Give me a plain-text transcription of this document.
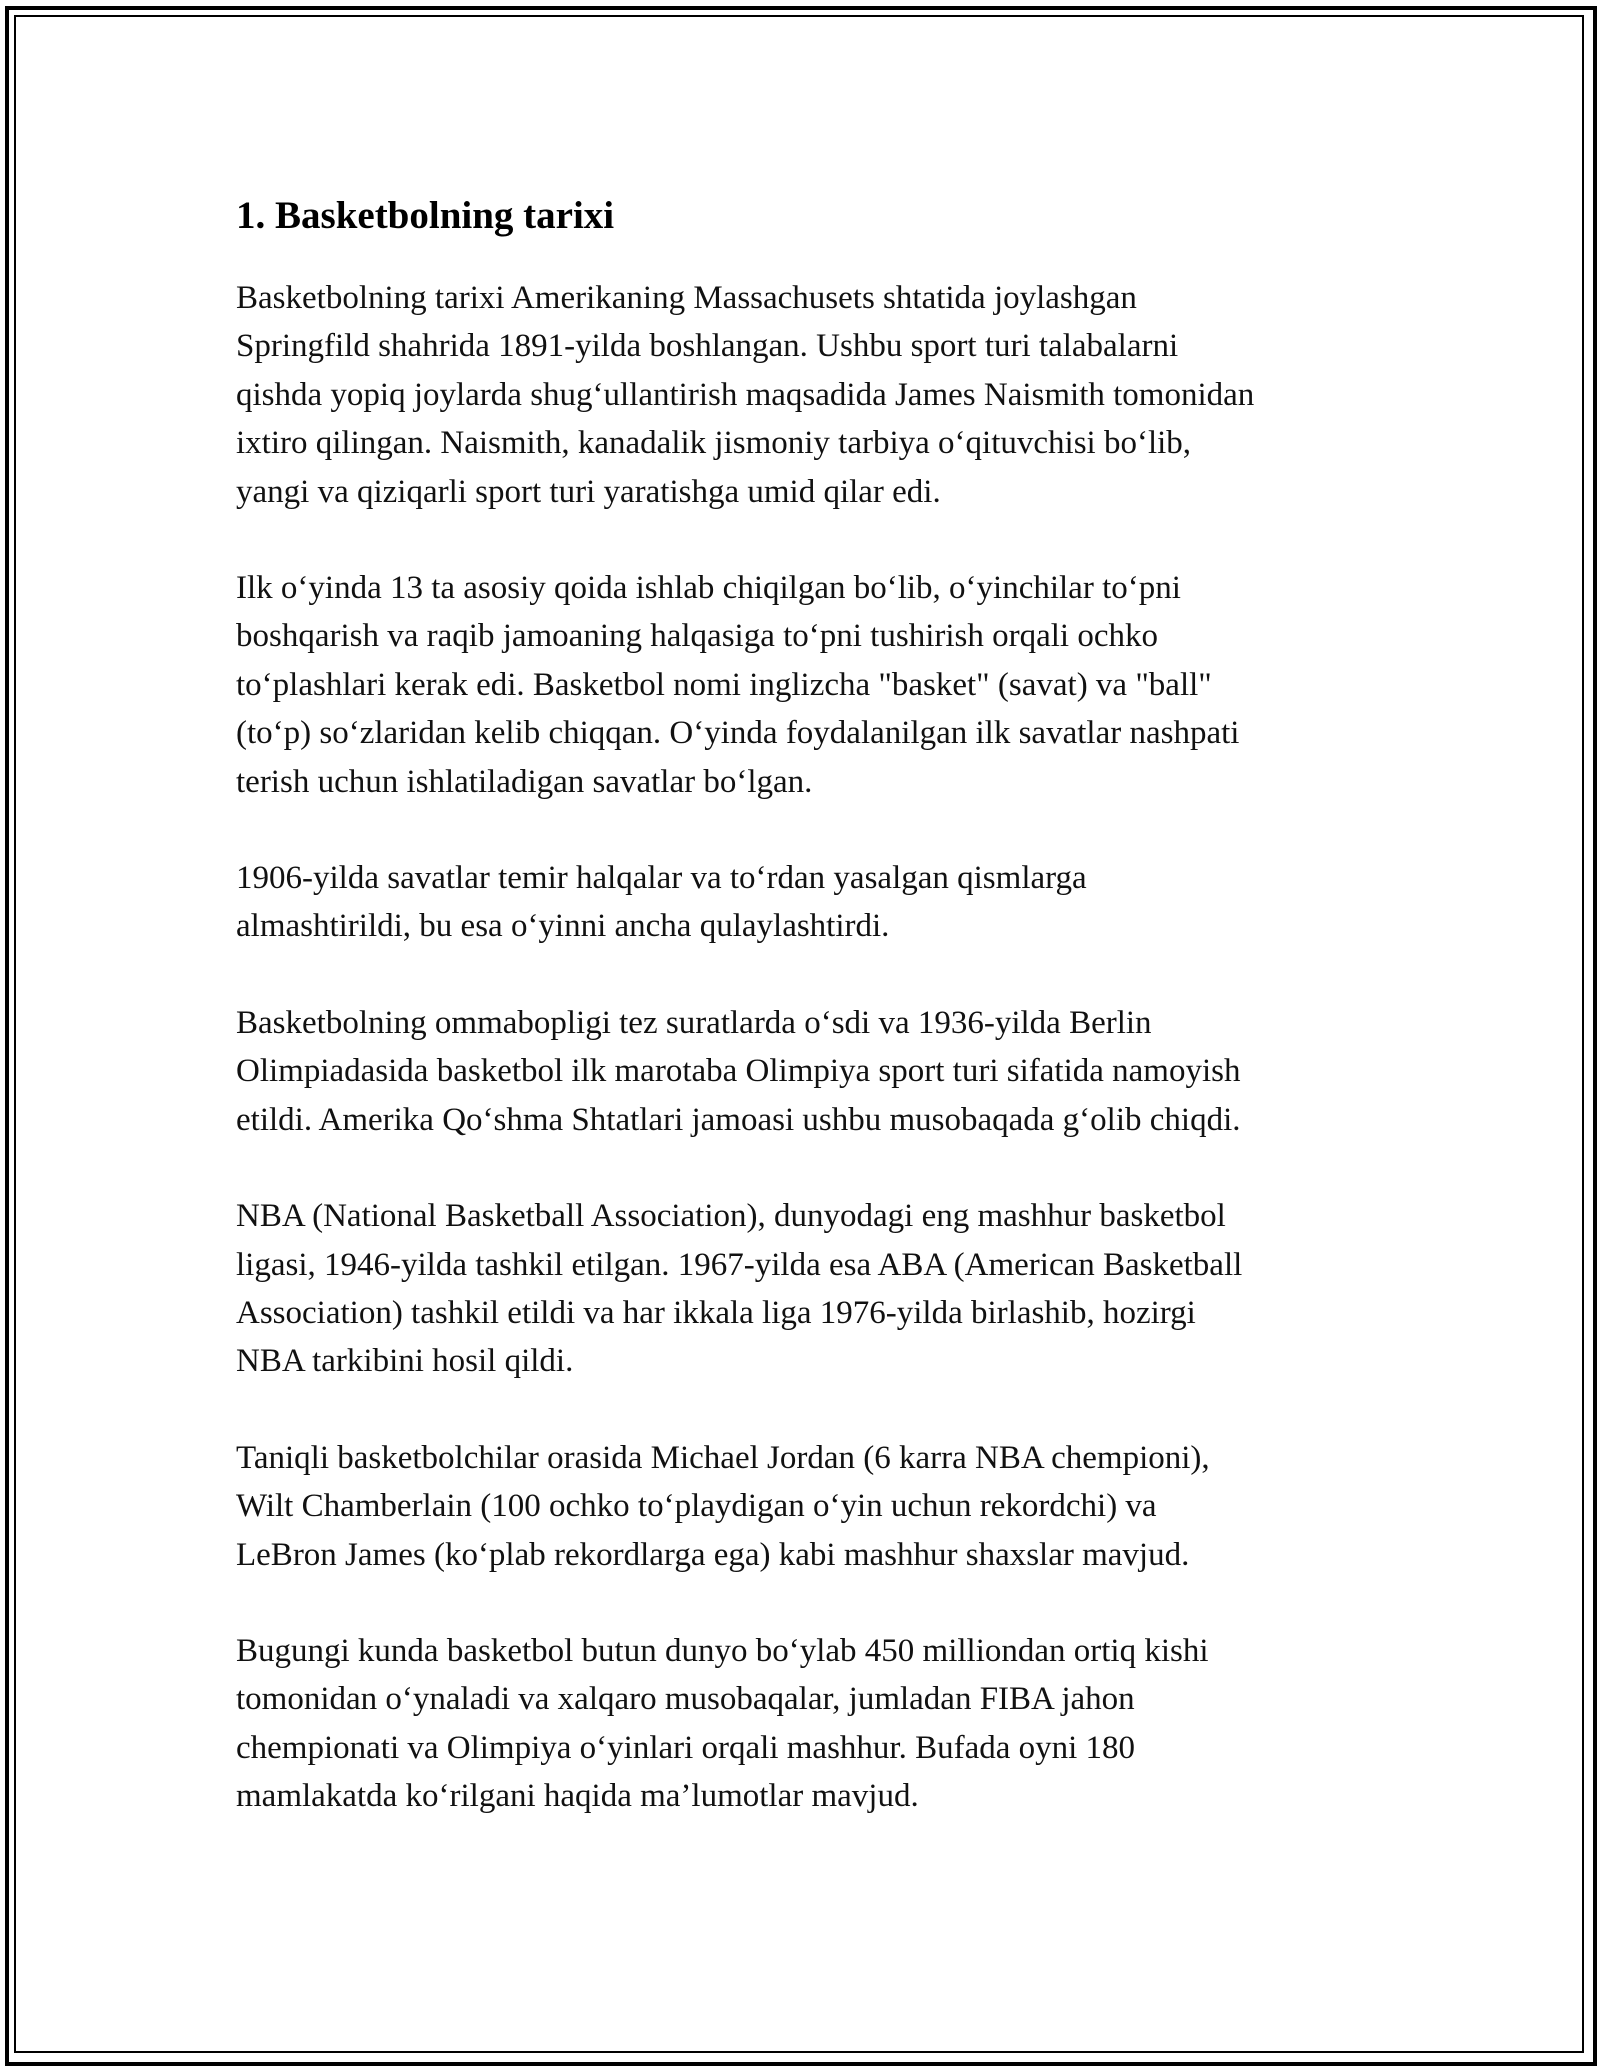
1. Basketbolning tarixi

Basketbolning tarixi Amerikaning Massachusets shtatida joylashgan
Springfild shahrida 1891-yilda boshlangan. Ushbu sport turi talabalarni
qishda yopiq joylarda shug‘ullantirish maqsadida James Naismith tomonidan
ixtiro qilingan. Naismith, kanadalik jismoniy tarbiya o‘qituvchisi bo‘lib,
yangi va qiziqarli sport turi yaratishga umid qilar edi.

Ilk o‘yinda 13 ta asosiy qoida ishlab chiqilgan bo‘lib, o‘yinchilar to‘pni
boshqarish va raqib jamoaning halqasiga to‘pni tushirish orqali ochko
to‘plashlari kerak edi. Basketbol nomi inglizcha "basket" (savat) va "ball"
(to‘p) so‘zlaridan kelib chiqqan. O‘yinda foydalanilgan ilk savatlar nashpati
terish uchun ishlatiladigan savatlar bo‘lgan.

1906-yilda savatlar temir halqalar va to‘rdan yasalgan qismlarga
almashtirildi, bu esa o‘yinni ancha qulaylashtirdi.

Basketbolning ommabopligi tez suratlarda o‘sdi va 1936-yilda Berlin
Olimpiadasida basketbol ilk marotaba Olimpiya sport turi sifatida namoyish
etildi. Amerika Qo‘shma Shtatlari jamoasi ushbu musobaqada g‘olib chiqdi.

NBA (National Basketball Association), dunyodagi eng mashhur basketbol
ligasi, 1946-yilda tashkil etilgan. 1967-yilda esa ABA (American Basketball
Association) tashkil etildi va har ikkala liga 1976-yilda birlashib, hozirgi
NBA tarkibini hosil qildi.

Taniqli basketbolchilar orasida Michael Jordan (6 karra NBA chempioni),
Wilt Chamberlain (100 ochko to‘playdigan o‘yin uchun rekordchi) va
LeBron James (ko‘plab rekordlarga ega) kabi mashhur shaxslar mavjud.

Bugungi kunda basketbol butun dunyo bo‘ylab 450 milliondan ortiq kishi
tomonidan o‘ynaladi va xalqaro musobaqalar, jumladan FIBA jahon
chempionati va Olimpiya o‘yinlari orqali mashhur. Bufada oyni 180
mamlakatda ko‘rilgani haqida ma’lumotlar mavjud.
